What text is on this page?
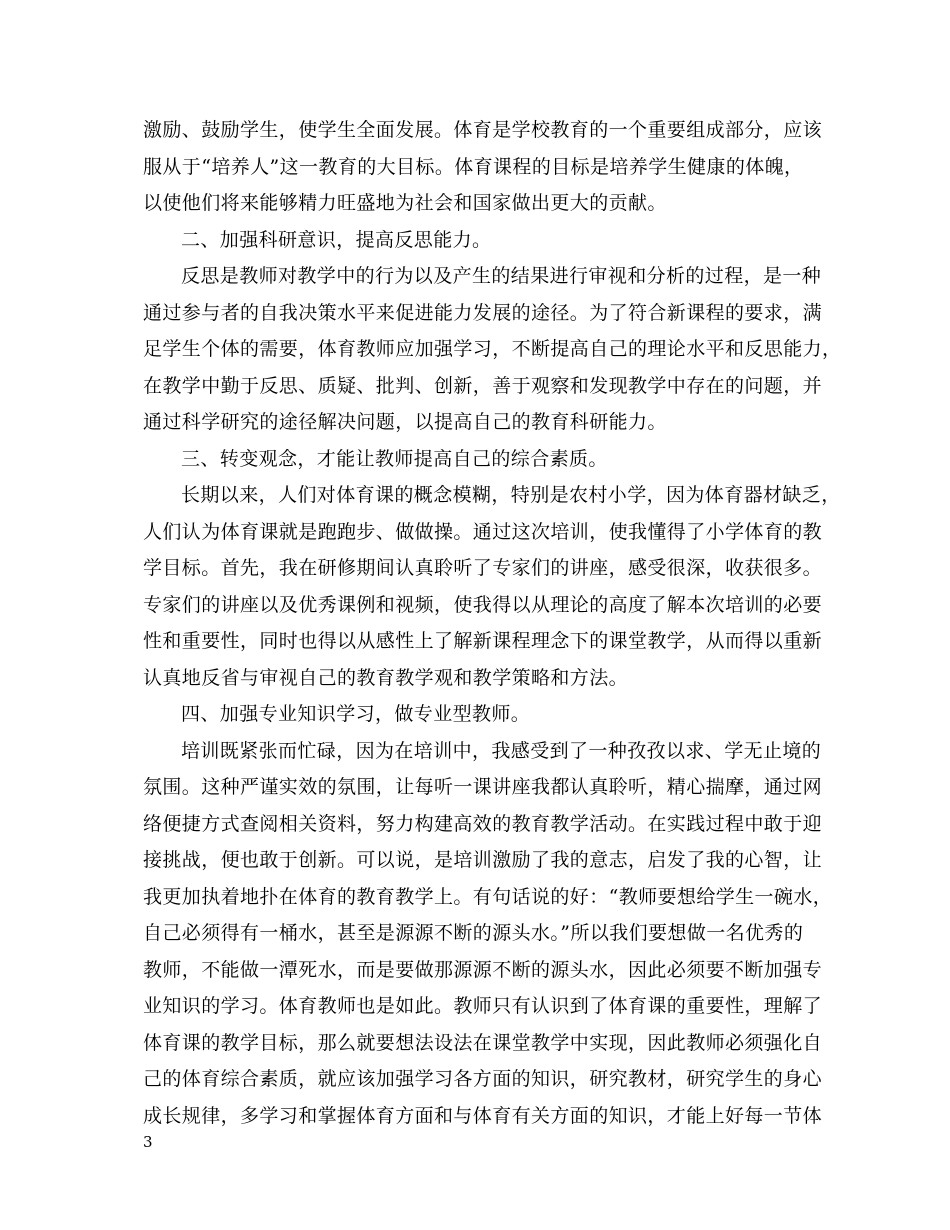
激励、鼓励学生，使学生全面发展。体育是学校教育的一个重要组成部分，应该
服从于“培养人”这一教育的大目标。体育课程的目标是培养学生健康的体魄，
以使他们将来能够精力旺盛地为社会和国家做出更大的贡献。
二、加强科研意识，提高反思能力。
反思是教师对教学中的行为以及产生的结果进行审视和分析的过程，是一种
通过参与者的自我决策水平来促进能力发展的途径。为了符合新课程的要求，满
足学生个体的需要，体育教师应加强学习，不断提高自己的理论水平和反思能力，
在教学中勤于反思、质疑、批判、创新，善于观察和发现教学中存在的问题，并
通过科学研究的途径解决问题，以提高自己的教育科研能力。
三、转变观念，才能让教师提高自己的综合素质。
长期以来，人们对体育课的概念模糊，特别是农村小学，因为体育器材缺乏，
人们认为体育课就是跑跑步、做做操。通过这次培训，使我懂得了小学体育的教
学目标。首先，我在研修期间认真聆听了专家们的讲座，感受很深，收获很多。
专家们的讲座以及优秀课例和视频，使我得以从理论的高度了解本次培训的必要
性和重要性，同时也得以从感性上了解新课程理念下的课堂教学，从而得以重新
认真地反省与审视自己的教育教学观和教学策略和方法。
四、加强专业知识学习，做专业型教师。
培训既紧张而忙碌，因为在培训中，我感受到了一种孜孜以求、学无止境的
氛围。这种严谨实效的氛围，让每听一课讲座我都认真聆听，精心揣摩，通过网
络便捷方式查阅相关资料，努力构建高效的教育教学活动。在实践过程中敢于迎
接挑战，便也敢于创新。可以说，是培训激励了我的意志，启发了我的心智，让
我更加执着地扑在体育的教育教学上。有句话说的好：“教师要想给学生一碗水，
自己必须得有一桶水，甚至是源源不断的源头水。”所以我们要想做一名优秀的
教师，不能做一潭死水，而是要做那源源不断的源头水，因此必须要不断加强专
业知识的学习。体育教师也是如此。教师只有认识到了体育课的重要性，理解了
体育课的教学目标，那么就要想法设法在课堂教学中实现，因此教师必须强化自
己的体育综合素质，就应该加强学习各方面的知识，研究教材，研究学生的身心
成长规律，多学习和掌握体育方面和与体育有关方面的知识，才能上好每一节体
3
